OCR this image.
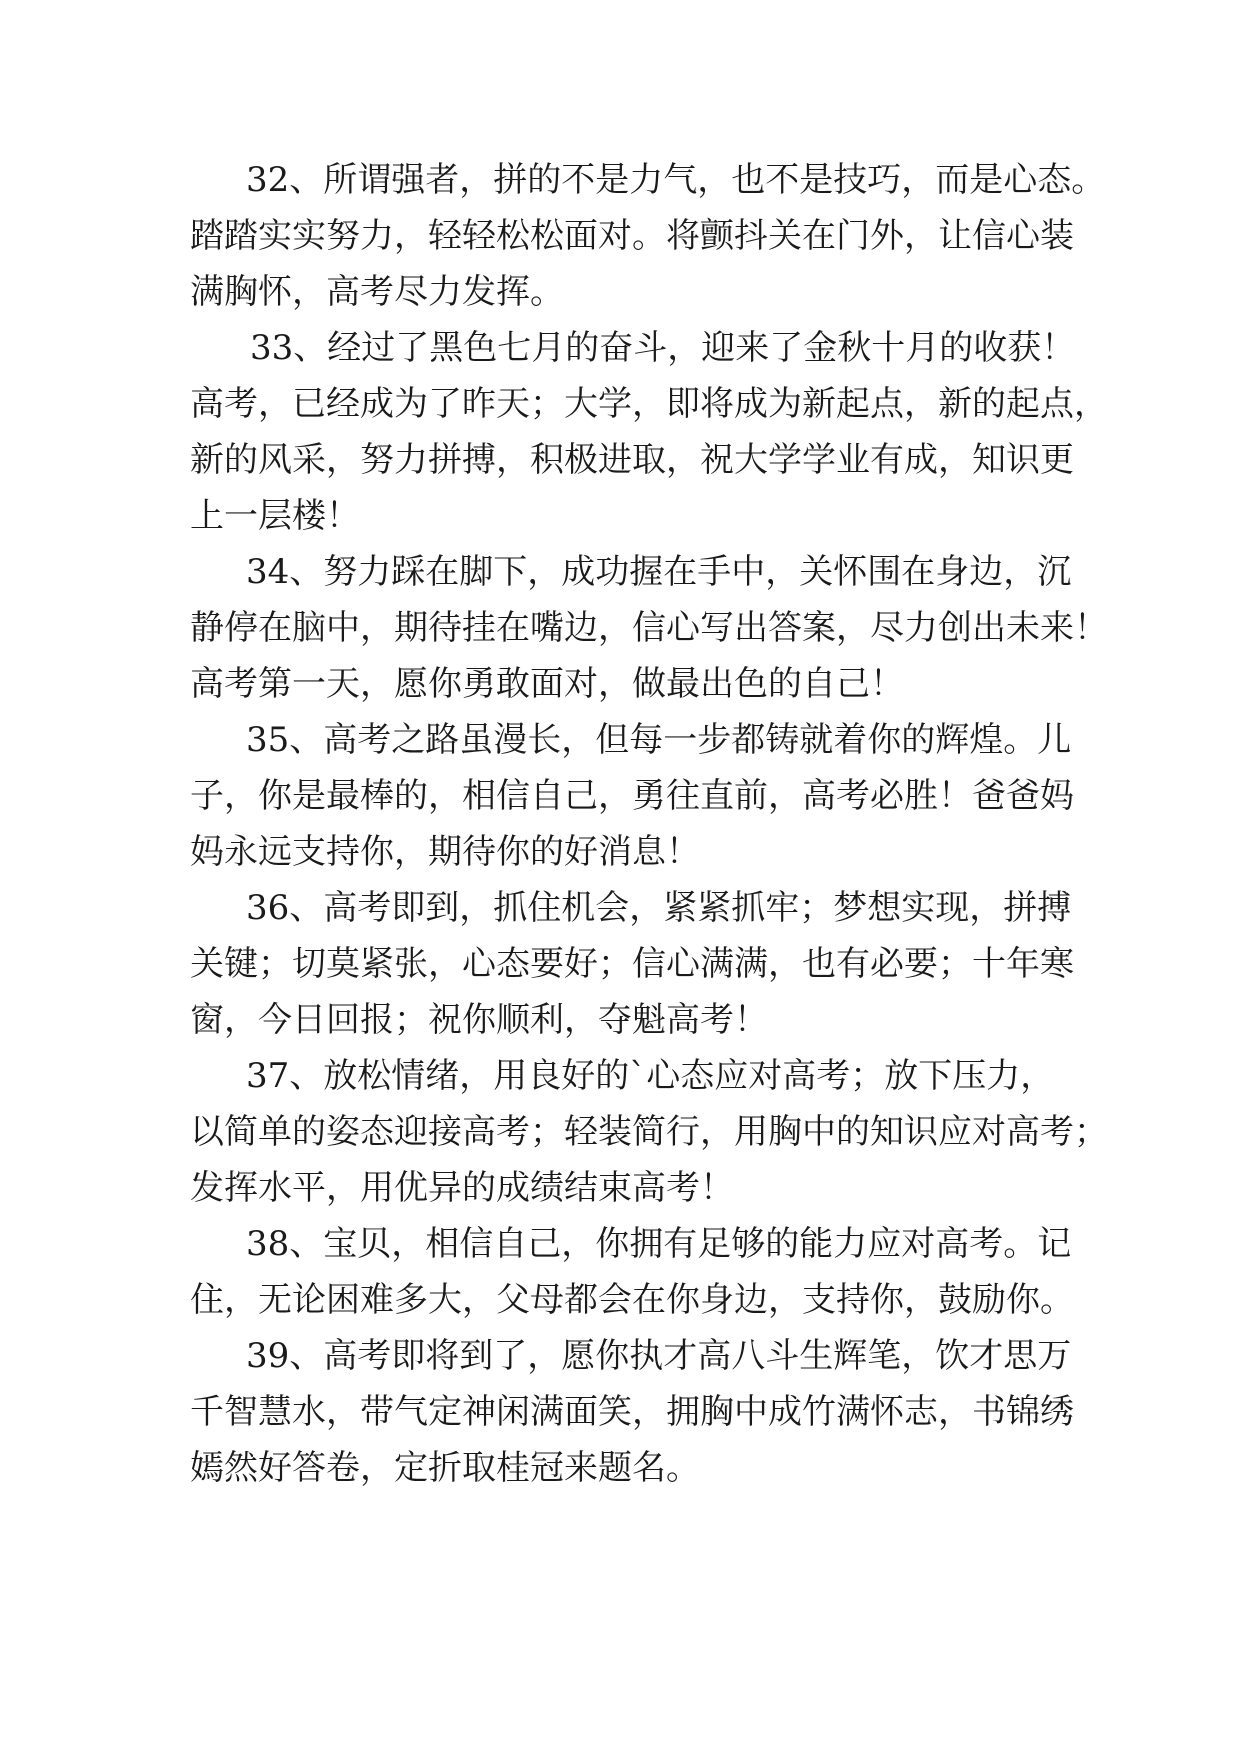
32、所谓强者，拼的不是力气，也不是技巧，而是心态。
踏踏实实努力，轻轻松松面对。将颤抖关在门外，让信心装
满胸怀，高考尽力发挥。
33、经过了黑色七月的奋斗，迎来了金秋十月的收获！
高考，已经成为了昨天；大学，即将成为新起点，新的起点，
新的风采，努力拼搏，积极进取，祝大学学业有成，知识更
上一层楼！
34、努力踩在脚下，成功握在手中，关怀围在身边，沉
静停在脑中，期待挂在嘴边，信心写出答案，尽力创出未来！
高考第一天，愿你勇敢面对，做最出色的自己！
35、高考之路虽漫长，但每一步都铸就着你的辉煌。儿
子，你是最棒的，相信自己，勇往直前，高考必胜！爸爸妈
妈永远支持你，期待你的好消息！
36、高考即到，抓住机会，紧紧抓牢；梦想实现，拼搏
关键；切莫紧张，心态要好；信心满满，也有必要；十年寒
窗，今日回报；祝你顺利，夺魁高考！
37、放松情绪，用良好的`心态应对高考；放下压力，
以简单的姿态迎接高考；轻装简行，用胸中的知识应对高考；
发挥水平，用优异的成绩结束高考！
38、宝贝，相信自己，你拥有足够的能力应对高考。记
住，无论困难多大，父母都会在你身边，支持你，鼓励你。
39、高考即将到了，愿你执才高八斗生辉笔，饮才思万
千智慧水，带气定神闲满面笑，拥胸中成竹满怀志，书锦绣
嫣然好答卷，定折取桂冠来题名。
